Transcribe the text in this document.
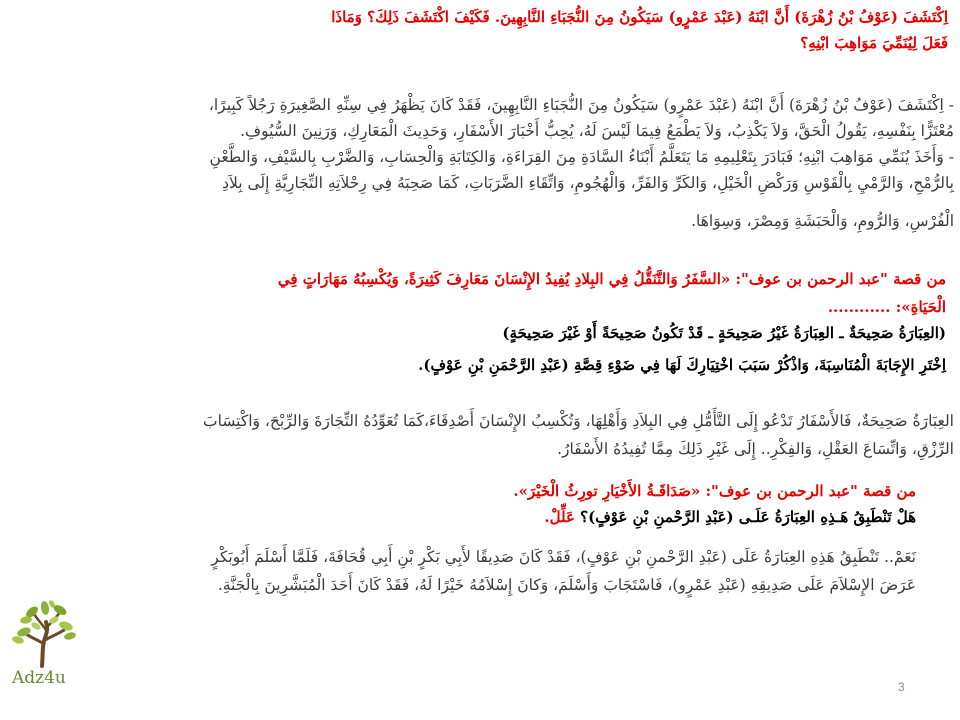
اِكْتَشَفَ (عَوْفُ بْنُ زُهْرَةَ) أَنَّ ابْنَهُ (عَبْدَ عَمْرٍو) سَيَكُونُ مِنَ النُّجَبَاءِ النَّابِهِينَ. فَكَيْفَ اكْتَشَفَ ذَلِكَ؟ وَمَاذَا
فَعَلَ لِيُنَمِّيَ مَوَاهِبَ ابْنِهِ؟
- اِكْتَشَفَ (عَوْفُ بْنُ زُهْرَةَ) أَنَّ ابْنَهُ (عَبْدَ عَمْرٍو) سَيَكُونُ مِنَ النُّجَبَاءِ النَّابِهِينَ، فَقَدْ كَانَ يَظْهَرُ فِي سِنِّهِ الصَّغِيرَةِ رَجُلاً كَبِيرًا،
مُعْتَزًّا بِنَفْسِهِ، يَقُولُ الْحَقَّ، وَلاَ يَكْذِبُ، وَلاَ يَطْمَعُ فِيمَا لَيْسَ لَهُ، يُحِبُّ أَخْبَارَ الأَسْفَارِ، وَحَدِيثَ الْمَعَارِكِ، وَرَنِينَ السُّيُوفِ.
- وَأَخَذَ يُنَمِّي مَوَاهِبَ ابْنِهِ؛ فَبَادَرَ بِتَعْلِيمِهِ مَا يَتَعَلَّمُ أَبْنَاءُ السَّادَةِ مِنَ القِرَاءَةِ، وَالكِتَابَةِ وَالْحِسَابِ، وَالضَّرْبِ بِالسَّيْفِ، وَالطَّعْنِ
بِالرُّمْحِ، وَالرَّمْيِ بِالْقَوْسِ وَرَكْضِ الْخَيْلِ، وَالكَرِّ وَالفَرِّ، وَالْهُجُومِ، وَاتِّقَاءِ الضَّرَبَاتِ، كَمَا صَحِبَهُ فِي رِحْلاَتِهِ التِّجَارِيَّةِ إِلَى بِلاَدِ
الْفُرْسِ، وَالرُّومِ، وَالْحَبَشَةِ وَمِصْرَ، وَسِوَاهَا.
من قصة "عبد الرحمن بن عوف": «السَّفَرُ وَالتَّنَقُّلُ فِي البِلادِ يُفِيدُ الإِنْسَانَ مَعَارِفَ كَثِيرَةً، وَيُكْسِبُهُ مَهَارَاتٍ فِي
الْحَيَاةِ»: ............
(العِبَارَةُ صَحِيحَةٌ ـ العِبَارَةُ غَيْرُ صَحِيحَةٍ ـ قَدْ تَكُونُ صَحِيحَةً أَوْ غَيْرَ صَحِيحَةٍ)
اِخْتَرِ الإِجَابَةَ الْمُنَاسِبَةَ، وَاذْكُرْ سَبَبَ اخْتِيَارِكَ لَهَا فِي ضَوْءِ قِصَّةِ (عَبْدِ الرَّحْمَنِ بْنِ عَوْفٍ).
العِبَارَةُ صَحِيحَةٌ، فَالأَسْفَارُ تَدْعُو إِلَى التَّأَمُّلِ فِي البِلاَدِ وَأَهْلِهَا، وَتُكْسِبُ الإِنْسَانَ أَصْدِقَاءَ،كَمَا تُعَوِّدُهُ التِّجَارَةَ وَالرِّبْحَ، وَاكْتِسَابَ
الرِّزْقِ، وَاتِّسَاعَ العَقْلِ، وَالفِكْرِ.. إِلَى غَيْرِ ذَلِكَ مِمَّا تُفِيدُهُ الأَسْفَارُ.
من قصة "عبد الرحمن بن عوف": «صَدَاقَـةُ الأَخْيَارِ تورِثُ الْخَيْرَ».
هَلْ تَنْطَبِقُ هَـذِهِ العِبَارَةُ عَلَـى (عَبْدِ الرَّحْمنِ بْنِ عَوْفٍ)؟ عَلِّلْ.
نَعَمْ.. تَنْطَبِقُ هَذِهِ العِبَارَةُ عَلَى (عَبْدِ الرَّحْمنِ بْنِ عَوْفٍ)، فَقَدْ كَانَ صَدِيقًا لأَبِي بَكْرٍ بْنِ أَبِي قُحَافَةَ، فَلَمَّا أَسْلَمَ أَبُوبَكْرٍ
عَرَضَ الإِسْلاَمَ عَلَى صَدِيقِهِ (عَبْدِ عَمْرٍو)، فَاسْتَجَابَ وَأَسْلَمَ، وَكانَ إِسْلاَمُهُ خَيْرًا لَهُ، فَقَدْ كَانَ أَحَدَ الْمُبَشَّرِينَ بِالْجَنَّةِ.
Adz4u	3
